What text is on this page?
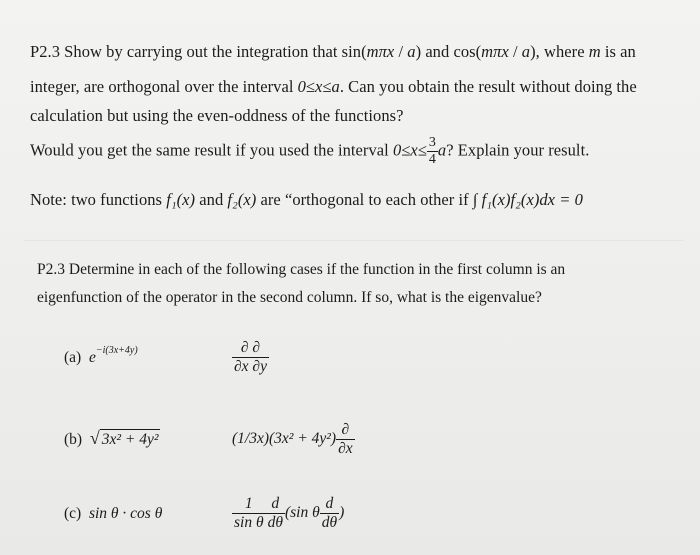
P2.3 Show by carrying out the integration that sin(mπx / a) and cos(mπx / a), where m is an
integer, are orthogonal over the interval 0≤x≤a. Can you obtain the result without doing the
calculation but using the even-oddness of the functions?
Would you get the same result if you used the interval $0\le x\le \frac{3}{4} a$? Explain your result.
Note: two functions f₁(x) and f₂(x) are “orthogonal to each other if ∫ f₁(x)f₂(x)dx = 0
P2.3 Determine in each of the following cases if the function in the first column is an
eigenfunction of the operator in the second column. If so, what is the eigenvalue?
(a) $e^{-i(3x+4y)}$	$\frac{\partial \partial}{\partial x \partial y}$
(b) √ 3x² + 4y²	$(1/3x)(3x^2 + 4y^2) \frac{\partial}{\partial x}$
(c) sin θ · cos θ	$\frac{1}{\text{sin θ}} \frac{d}{d\theta} (\sin$ θ $\frac{d}{d\theta}$ )
